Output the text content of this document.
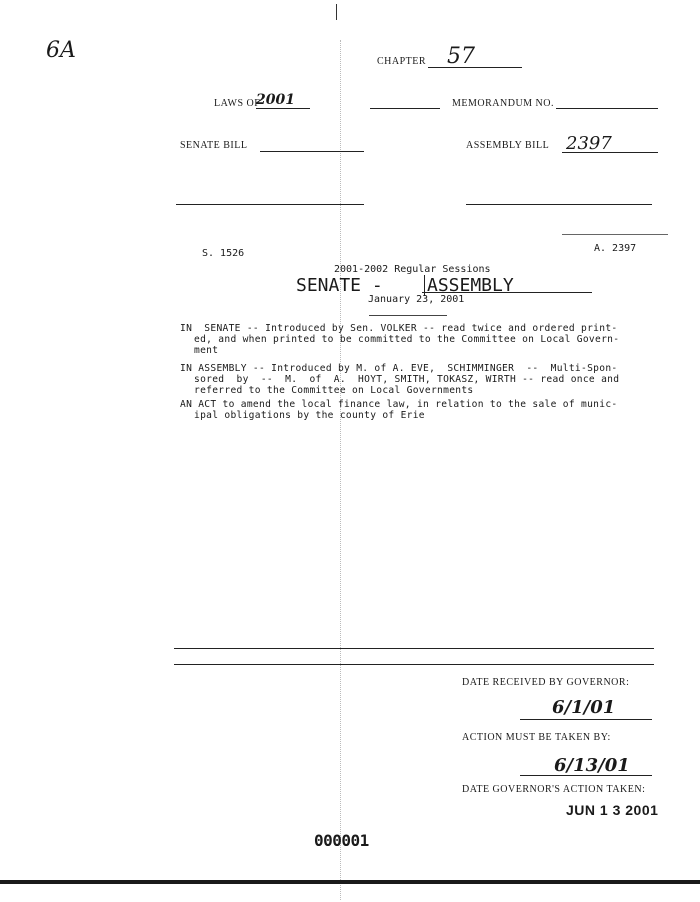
6A	CHAPTER 57
LAWS OF
2001	MEMORANDUM NO.
SENATE BILL	ASSEMBLY BILL 2397
S. 1526	A. 2397
2001-2002 Regular Sessions
SENATE - ASSEMBLY
January 23, 2001
IN  SENATE -- Introduced by Sen. VOLKER -- read twice and ordered print-
ed, and when printed to be committed to the Committee on Local Govern-
ment
IN ASSEMBLY -- Introduced by M. of A. EVE,  SCHIMMINGER  --  Multi-Spon-
sored  by  --  M.  of  A.  HOYT, SMITH, TOKASZ, WIRTH -- read once and
referred to the Committee on Local Governments
AN ACT to amend the local finance law, in relation to the sale of munic-
ipal obligations by the county of Erie
DATE RECEIVED BY GOVERNOR:
6/1/01
ACTION MUST BE TAKEN BY:
6/13/01
DATE GOVERNOR'S ACTION TAKEN:
JUN 1 3 2001
000001
